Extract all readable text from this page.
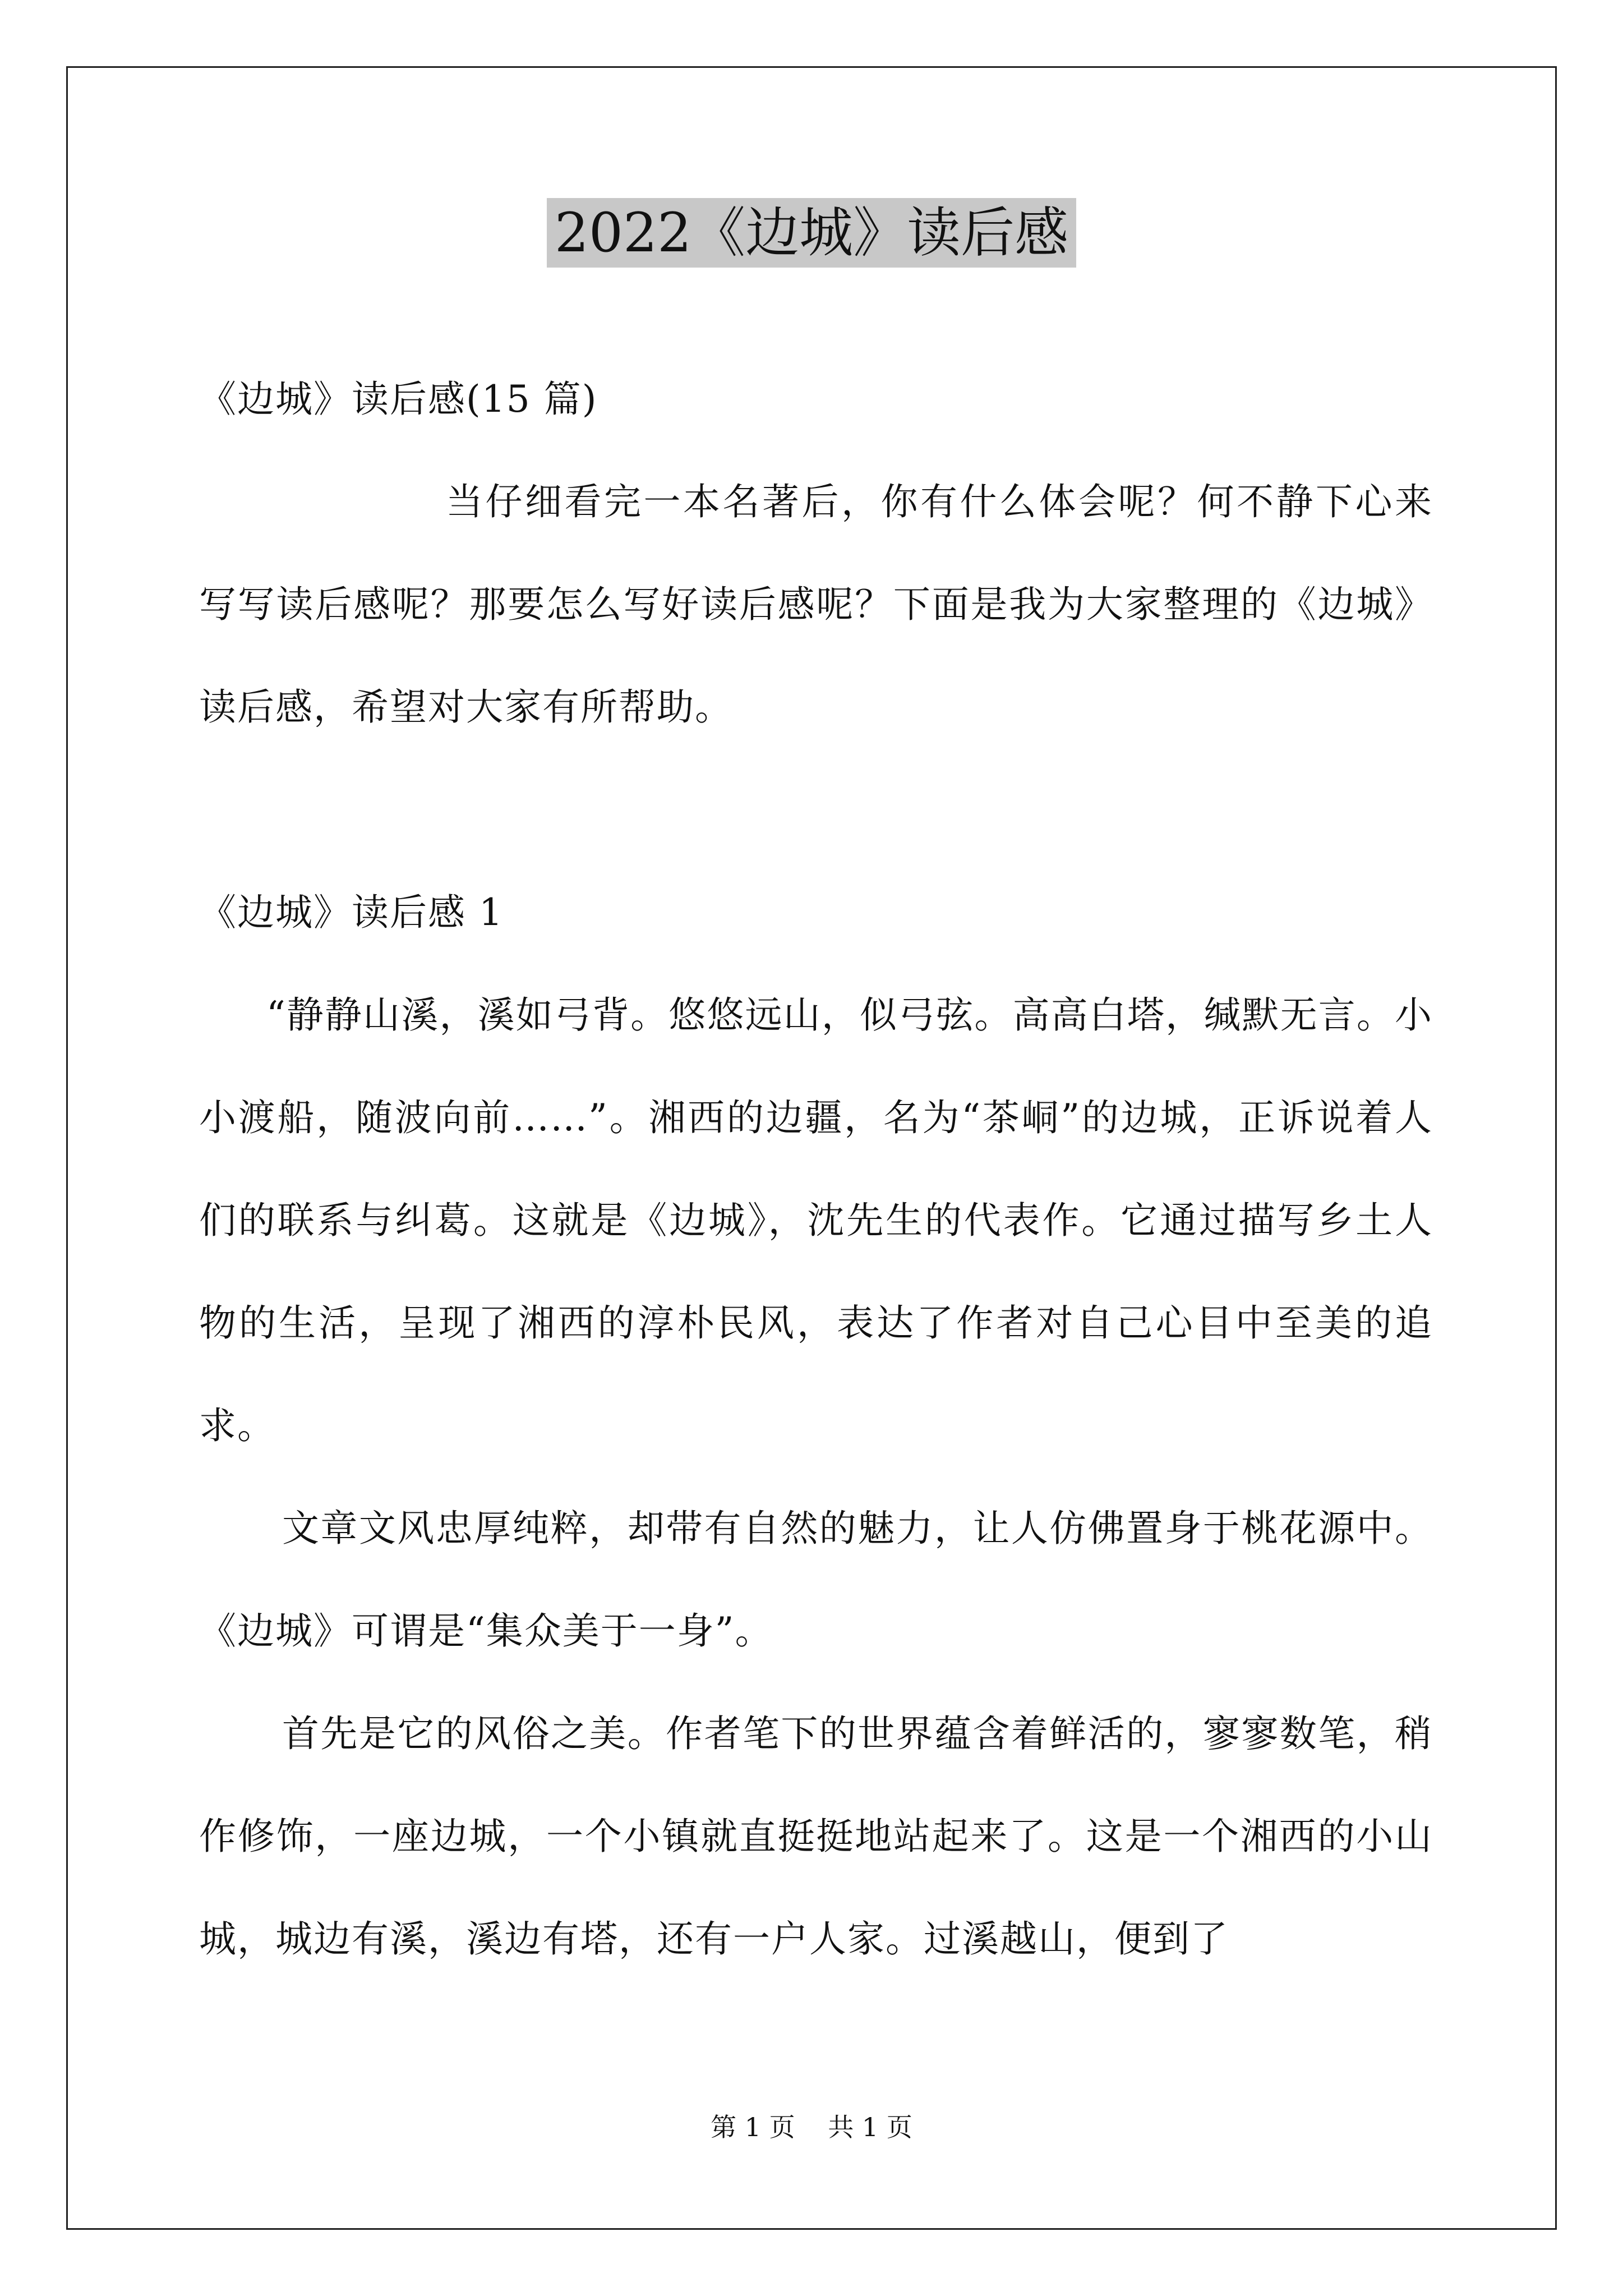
2022《边城》读后感

《边城》读后感(15 篇)

当仔细看完一本名著后，你有什么体会呢？何不静下心来写写读后感呢？那要怎么写好读后感呢？下面是我为大家整理的《边城》读后感，希望对大家有所帮助。

《边城》读后感 1

“静静山溪，溪如弓背。悠悠远山，似弓弦。高高白塔，缄默无言。小小渡船，随波向前……”。湘西的边疆，名为“茶峒”的边城，正诉说着人们的联系与纠葛。这就是《边城》，沈先生的代表作。它通过描写乡土人物的生活，呈现了湘西的淳朴民风，表达了作者对自己心目中至美的追求。

文章文风忠厚纯粹，却带有自然的魅力，让人仿佛置身于桃花源中。《边城》可谓是“集众美于一身”。

首先是它的风俗之美。作者笔下的世界蕴含着鲜活的，寥寥数笔，稍作修饰，一座边城，一个小镇就直挺挺地站起来了。这是一个湘西的小山城，城边有溪，溪边有塔，还有一户人家。过溪越山，便到了

第 1 页 共 1 页
